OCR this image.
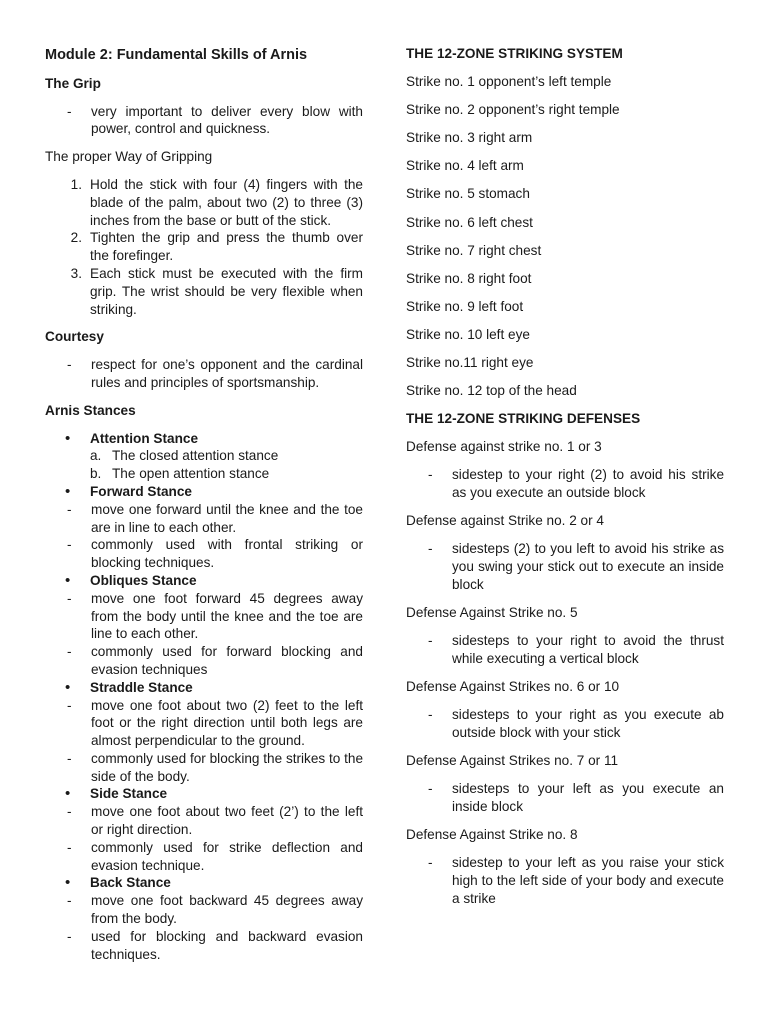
Module 2: Fundamental Skills of Arnis

The Grip

-	very important to deliver every blow with power, control and quickness.

The proper Way of Gripping

1. Hold the stick with four (4) fingers with the blade of the palm, about two (2) to three (3) inches from the base or butt of the stick.
2. Tighten the grip and press the thumb over the forefinger.
3. Each stick must be executed with the firm grip. The wrist should be very flexible when striking.

Courtesy

-	respect for one’s opponent and the cardinal rules and principles of sportsmanship.

Arnis Stances

•	Attention Stance
a. The closed attention stance
b. The open attention stance
•	Forward Stance
-	move one forward until the knee and the toe are in line to each other.
-	commonly used with frontal striking or blocking techniques.
•	Obliques Stance
-	move one foot forward 45 degrees away from the body until the knee and the toe are line to each other.
-	commonly used for forward blocking and evasion techniques
•	Straddle Stance
-	move one foot about two (2) feet to the left foot or the right direction until both legs are almost perpendicular to the ground.
-	commonly used for blocking the strikes to the side of the body.
•	Side Stance
-	move one foot about two feet (2’) to the left or right direction.
-	commonly used for strike deflection and evasion technique.
•	Back Stance
-	move one foot backward 45 degrees away from the body.
-	used for blocking and backward evasion techniques.

THE 12-ZONE STRIKING SYSTEM

Strike no. 1 opponent’s left temple

Strike no. 2 opponent’s right temple

Strike no. 3 right arm

Strike no. 4 left arm

Strike no. 5 stomach

Strike no. 6 left chest

Strike no. 7 right chest

Strike no. 8 right foot

Strike no. 9 left foot

Strike no. 10 left eye

Strike no.11 right eye

Strike no. 12 top of the head

THE 12-ZONE STRIKING DEFENSES

Defense against strike no. 1 or 3

-	sidestep to your right (2) to avoid his strike as you execute an outside block

Defense against Strike no. 2 or 4

-	sidesteps (2) to you left to avoid his strike as you swing your stick out to execute an inside block

Defense Against Strike no. 5

-	sidesteps to your right to avoid the thrust while executing a vertical block

Defense Against Strikes no. 6 or 10

-	sidesteps to your right as you execute ab outside block with your stick

Defense Against Strikes no. 7 or 11

-	sidesteps to your left as you execute an inside block

Defense Against Strike no. 8

-	sidestep to your left as you raise your stick high to the left side of your body and execute a strike
